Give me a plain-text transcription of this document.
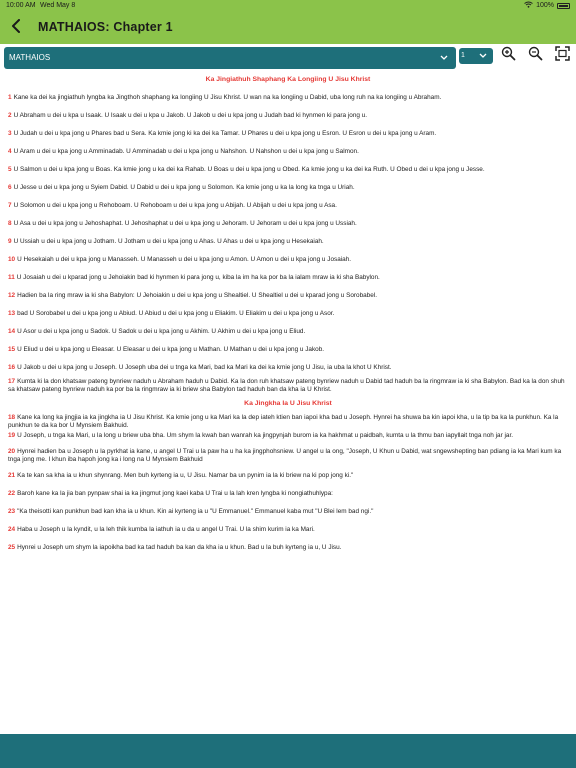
10:00 AM Wed May 8	100%
MATHAIOS: Chapter 1
MATHAIOS	1
Ka Jingiathuh Shaphang Ka Longiing U Jisu Khrist
1 Kane ka dei ka jingiathuh lyngba ka Jingthoh shaphang ka longiing U Jisu Khrist. U wan na ka longiing u Dabid, uba long ruh na ka longiing u Abraham.
2 U Abraham u dei u kpa u Isaak. U Isaak u dei u kpa u Jakob. U Jakob u dei u kpa jong u Judah bad ki hynmen ki para jong u.
3 U Judah u dei u kpa jong u Phares bad u Sera. Ka kmie jong ki ka dei ka Tamar. U Phares u dei u kpa jong u Esron. U Esron u dei u kpa jong u Aram.
4 U Aram u dei u kpa jong u Amminadab. U Amminadab u dei u kpa jong u Nahshon. U Nahshon u dei u kpa jong u Salmon.
5 U Salmon u dei u kpa jong u Boas. Ka kmie jong u ka dei ka Rahab. U Boas u dei u kpa jong u Obed. Ka kmie jong u ka dei ka Ruth. U Obed u dei u kpa jong u Jesse.
6 U Jesse u dei u kpa jong u Syiem Dabid. U Dabid u dei u kpa jong u Solomon. Ka kmie jong u ka la long ka tnga u Uriah.
7 U Solomon u dei u kpa jong u Rehoboam. U Rehoboam u dei u kpa jong u Abijah. U Abijah u dei u kpa jong u Asa.
8 U Asa u dei u kpa jong u Jehoshaphat. U Jehoshaphat u dei u kpa jong u Jehoram. U Jehoram u dei u kpa jong u Ussiah.
9 U Ussiah u dei u kpa jong u Jotham. U Jotham u dei u kpa jong u Ahas. U Ahas u dei u kpa jong u Hesekaiah.
10 U Hesekaiah u dei u kpa jong u Manasseh. U Manasseh u dei u kpa jong u Amon. U Amon u dei u kpa jong u Josaiah.
11 U Josaiah u dei u kparad jong u Jehoiakin bad ki hynmen ki para jong u, kiba la im ha ka por ba la ialam mraw ia ki sha Babylon.
12 Hadien ba la ring mraw ia ki sha Babylon: U Jehoiakin u dei u kpa jong u Shealtiel. U Shealtiel u dei u kparad jong u Sorobabel.
13 bad U Sorobabel u dei u kpa jong u Abiud. U Abiud u dei u kpa jong u Eliakim. U Eliakim u dei u kpa jong u Asor.
14 U Asor u dei u kpa jong u Sadok. U Sadok u dei u kpa jong u Akhim. U Akhim u dei u kpa jong u Eliud.
15 U Eliud u dei u kpa jong u Eleasar. U Eleasar u dei u kpa jong u Mathan. U Mathan u dei u kpa jong u Jakob.
16 U Jakob u dei u kpa jong u Joseph. U Joseph uba dei u tnga ka Mari, bad ka Mari ka dei ka kmie jong U Jisu, ia uba la khot U Khrist.
17 Kumta ki la don khatsaw pateng bynriew naduh u Abraham haduh u Dabid. Ka la don ruh khatsaw pateng bynriew naduh u Dabid tad haduh ba la ringmraw ia ki sha Babylon. Bad ka la don shuh sa khatsaw pateng bynriew naduh ka por ba la ringmraw ia ki briew sha Babylon tad haduh ban da kha ia U Khrist.
Ka Jingkha Ia U Jisu Khrist
18 Kane ka long ka jingjia ia ka jingkha ia U Jisu Khrist. Ka kmie jong u ka Mari ka la dep iateh ktien ban iapoi kha bad u Joseph. Hynrei ha shuwa ba kin iapoi kha, u la tip ba ka la punkhun. Ka la punkhun te da ka bor U Mynsiem Bakhuid.
19 U Joseph, u tnga ka Mari, u la long u briew uba bha. Um shym la kwah ban wanrah ka jingpynjah burom ia ka hakhmat u paidbah, kumta u la thmu ban iapyllait tnga noh jar jar.
20 Hynrei hadien ba u Joseph u la pyrkhat ia kane, u angel U Trai u la paw ha u ha ka jingphohsniew. U angel u la ong, "Joseph, U Khun u Dabid, wat sngewshepting ban pdiang ia ka Mari kum ka tnga jong me. I khun iba hapoh jong ka i long na U Mynsiem Bakhuid
21 Ka te kan sa kha ia u khun shynrang. Men buh kyrteng ia u, U Jisu. Namar ba un pynim ia la ki briew na ki pop jong ki."
22 Baroh kane ka la jia ban pynpaw shai ia ka jingmut jong kaei kaba U Trai u la lah kren lyngba ki nongiathuhlypa:
23 "Ka theisotti kan punkhun bad kan kha ia u khun. Kin ai kyrteng ia u "U Emmanuel." Emmanuel kaba mut "U Blei lem bad ngi."
24 Haba u Joseph u la kyndit, u la leh thik kumba la iathuh ia u da u angel U Trai. U la shim kurim ia ka Mari.
25 Hynrei u Joseph um shym la iapoikha bad ka tad haduh ba kan da kha ia u khun. Bad u la buh kyrteng ia u, U Jisu.
